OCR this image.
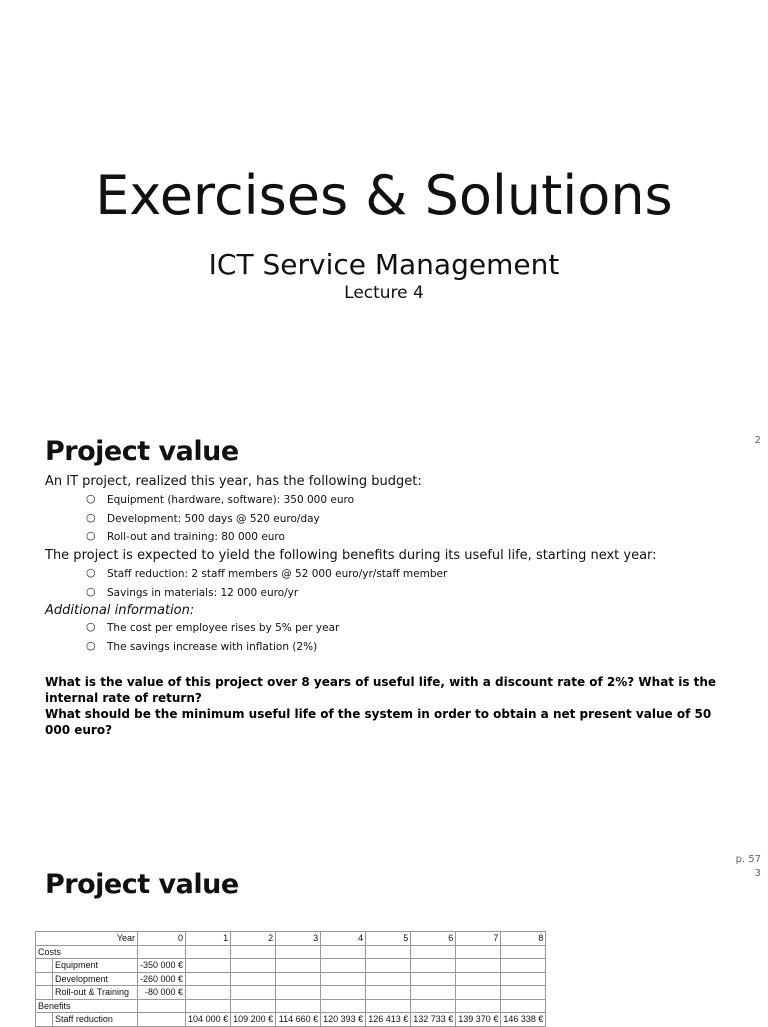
Exercises & Solutions
ICT Service Management
Lecture 4
2
Project value
An IT project, realized this year, has the following budget:
○ Equipment (hardware, software): 350 000 euro
○ Development: 500 days @ 520 euro/day
○ Roll-out and training: 80 000 euro
The project is expected to yield the following benefits during its useful life, starting next year:
○ Staff reduction: 2 staff members @ 52 000 euro/yr/staff member
○ Savings in materials: 12 000 euro/yr
Additional information:
○ The cost per employee rises by 5% per year
○ The savings increase with inflation (2%)
What is the value of this project over 8 years of useful life, with a discount rate of 2%? What is the internal rate of return?
What should be the minimum useful life of the system in order to obtain a net present value of 50 000 euro?
p. 57
3
Project value
Year		0	1	2	3	4	5	6	7	8
Costs										
	Equipment	-350 000 €								
	Development	-260 000 €								
	Roll-out & Training	-80 000 €								
Benefits										
	Staff reduction		104 000 €	109 200 €	114 660 €	120 393 €	126 413 €	132 733 €	139 370 €	146 338 €
